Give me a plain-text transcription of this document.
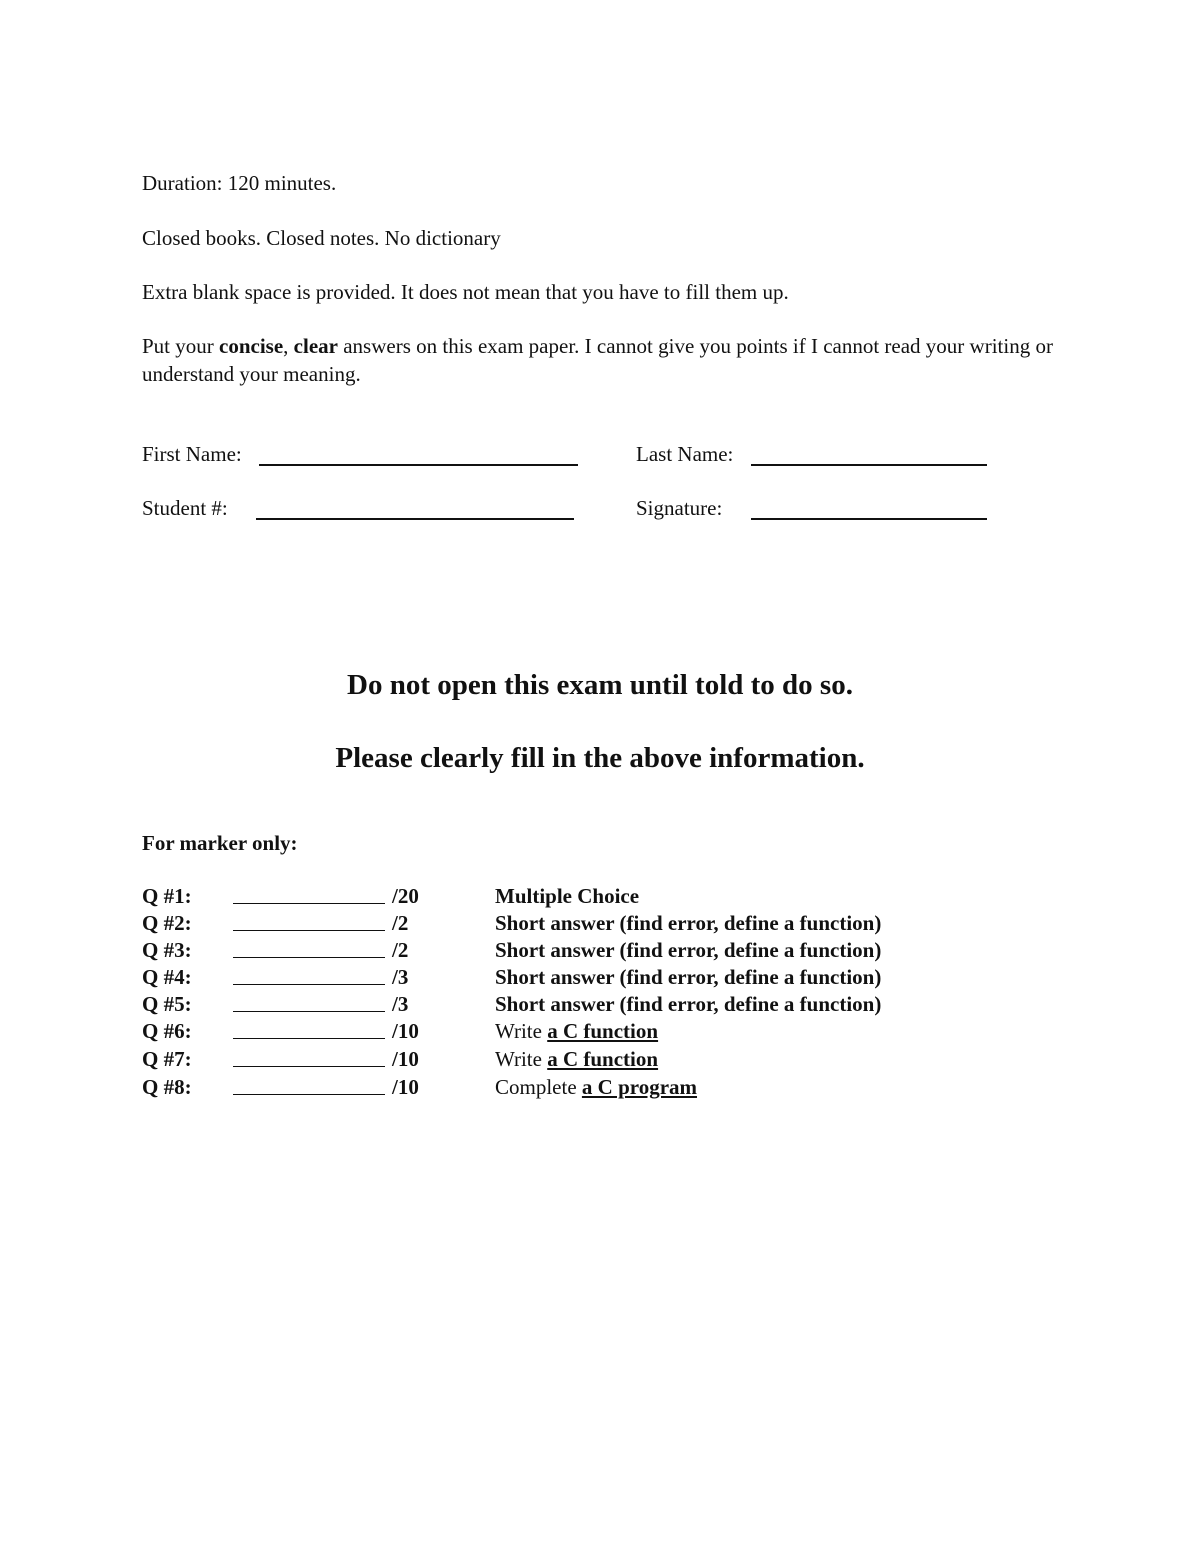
Duration: 120 minutes.
Closed books. Closed notes. No dictionary
Extra blank space is provided. It does not mean that you have to fill them up.
Put your concise, clear answers on this exam paper. I cannot give you points if I cannot read your writing or understand your meaning.
First Name:	Last Name:
Student #:	Signature:
Do not open this exam until told to do so.
Please clearly fill in the above information.
For marker only:
Q #1:	/20	Multiple Choice
Q #2:	/2	Short answer (find error, define a function)
Q #3:	/2	Short answer (find error, define a function)
Q #4:	/3	Short answer (find error, define a function)
Q #5:	/3	Short answer (find error, define a function)
Q #6:	/10	Write a C function
Q #7:	/10	Write a C function
Q #8:	/10	Complete a C program
